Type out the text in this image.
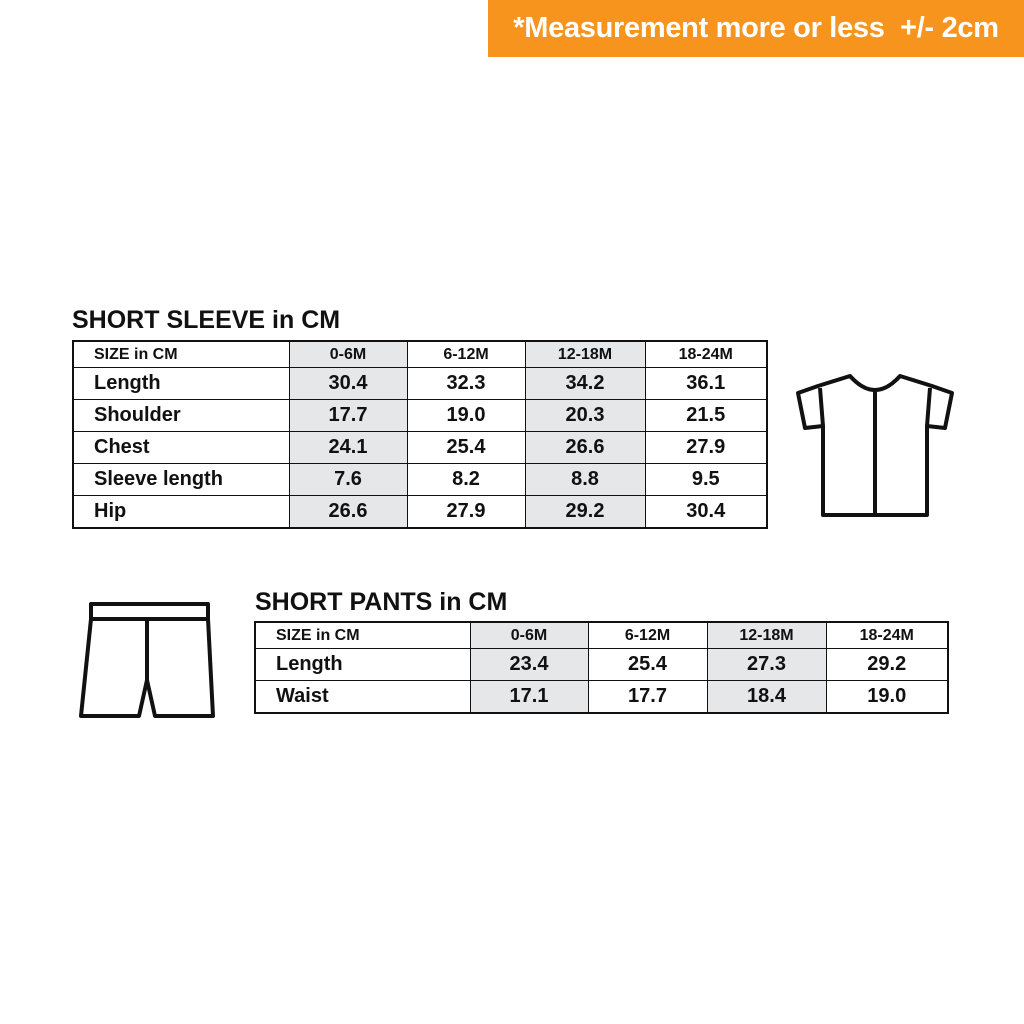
*Measurement more or less  +/- 2cm
SHORT SLEEVE in CM
SIZE in CM	0-6M	6-12M	12-18M	18-24M
Length	30.4	32.3	34.2	36.1
Shoulder	17.7	19.0	20.3	21.5
Chest	24.1	25.4	26.6	27.9
Sleeve length	7.6	8.2	8.8	9.5
Hip	26.6	27.9	29.2	30.4
SHORT PANTS in CM
SIZE in CM	0-6M	6-12M	12-18M	18-24M
Length	23.4	25.4	27.3	29.2
Waist	17.1	17.7	18.4	19.0
